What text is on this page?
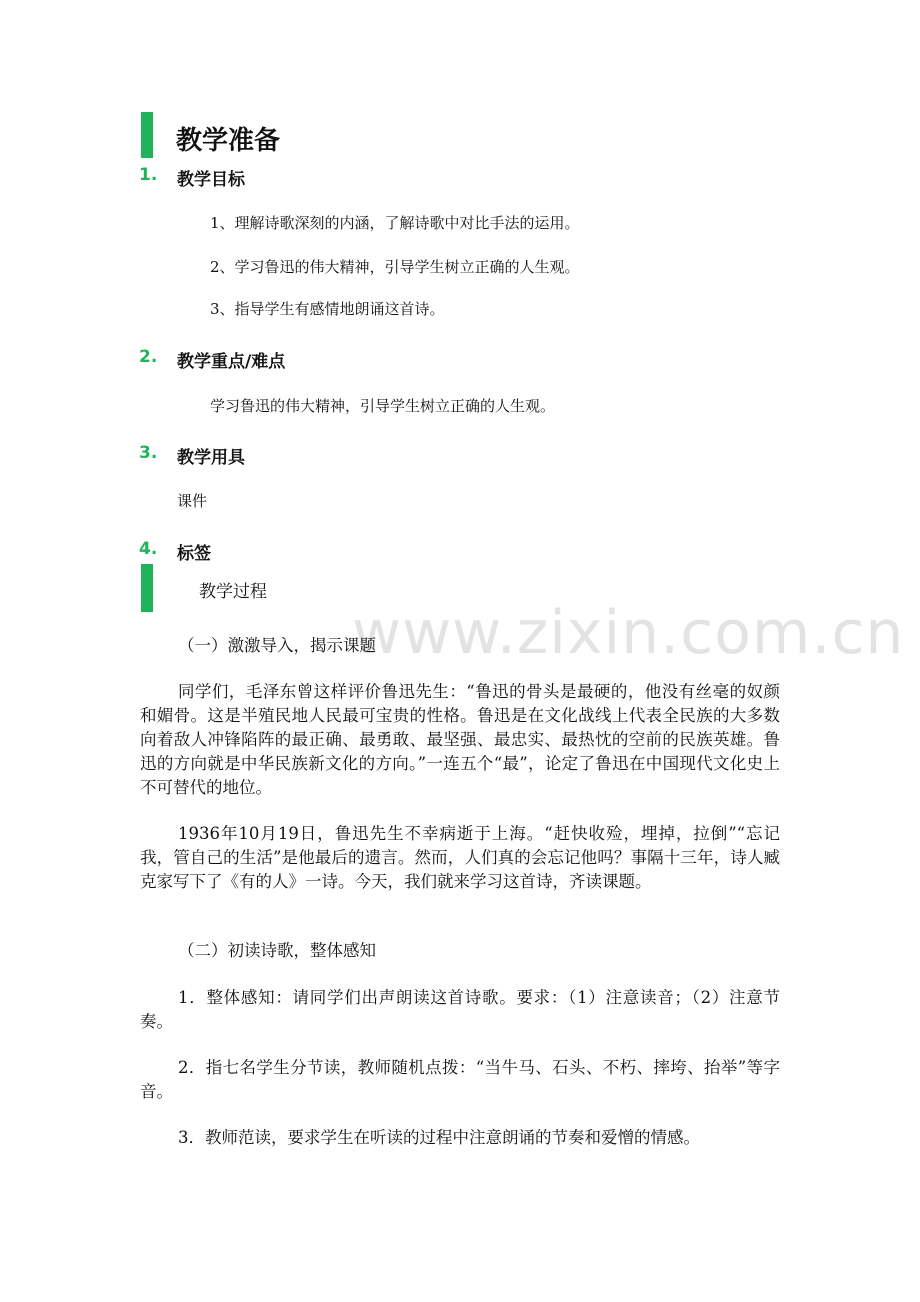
www.zixin.com.cn
教学准备
1. 教学目标
1、理解诗歌深刻的内涵，了解诗歌中对比手法的运用。
2、学习鲁迅的伟大精神，引导学生树立正确的人生观。
3、指导学生有感情地朗诵这首诗。
2. 教学重点/难点
学习鲁迅的伟大精神，引导学生树立正确的人生观。
3. 教学用具
课件
4. 标签
教学过程
（一）激激导入，揭示课题

同学们，毛泽东曾这样评价鲁迅先生：“鲁迅的骨头是最硬的，他没有丝毫的奴颜和媚骨。这是半殖民地人民最可宝贵的性格。鲁迅是在文化战线上代表全民族的大多数向着敌人冲锋陷阵的最正确、最勇敢、最坚强、最忠实、最热忱的空前的民族英雄。鲁迅的方向就是中华民族新文化的方向。”一连五个“最”，论定了鲁迅在中国现代文化史上不可替代的地位。

1936年10月19日，鲁迅先生不幸病逝于上海。“赶快收殓，埋掉，拉倒”“忘记我，管自己的生活”是他最后的遗言。然而，人们真的会忘记他吗？事隔十三年，诗人臧克家写下了《有的人》一诗。今天，我们就来学习这首诗，齐读课题。

（二）初读诗歌，整体感知

1．整体感知：请同学们出声朗读这首诗歌。要求：（1）注意读音；（2）注意节奏。

2．指七名学生分节读，教师随机点拨：“当牛马、石头、不朽、摔垮、抬举”等字音。

3．教师范读，要求学生在听读的过程中注意朗诵的节奏和爱憎的情感。
